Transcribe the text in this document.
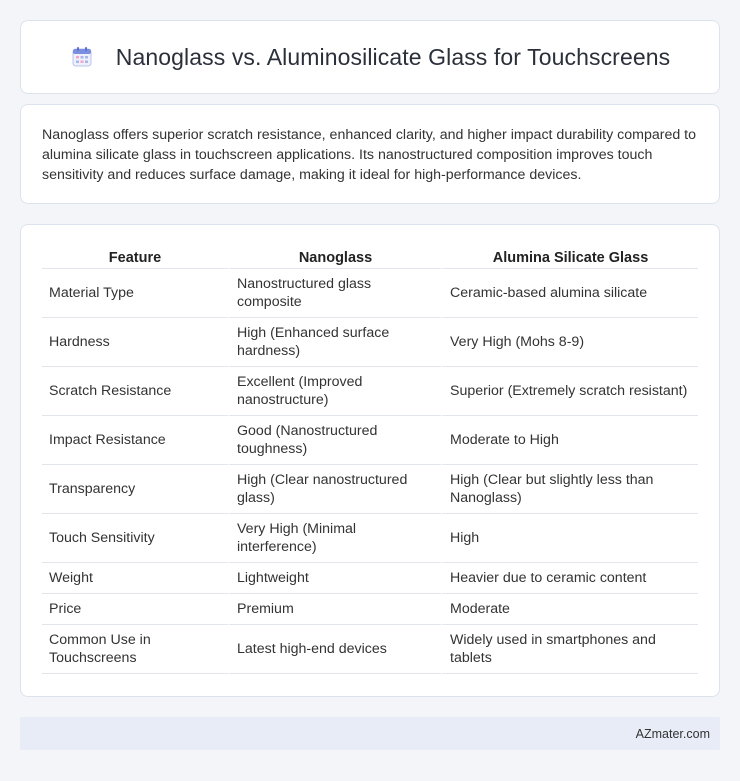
Nanoglass vs. Aluminosilicate Glass for Touchscreens

Nanoglass offers superior scratch resistance, enhanced clarity, and higher impact durability compared to alumina silicate glass in touchscreen applications. Its nanostructured composition improves touch sensitivity and reduces surface damage, making it ideal for high-performance devices.

Feature	Nanoglass	Alumina Silicate Glass
Material Type	Nanostructured glass composite	Ceramic-based alumina silicate
Hardness	High (Enhanced surface hardness)	Very High (Mohs 8-9)
Scratch Resistance	Excellent (Improved nanostructure)	Superior (Extremely scratch resistant)
Impact Resistance	Good (Nanostructured toughness)	Moderate to High
Transparency	High (Clear nanostructured glass)	High (Clear but slightly less than Nanoglass)
Touch Sensitivity	Very High (Minimal interference)	High
Weight	Lightweight	Heavier due to ceramic content
Price	Premium	Moderate
Common Use in Touchscreens	Latest high-end devices	Widely used in smartphones and tablets
AZmater.com
